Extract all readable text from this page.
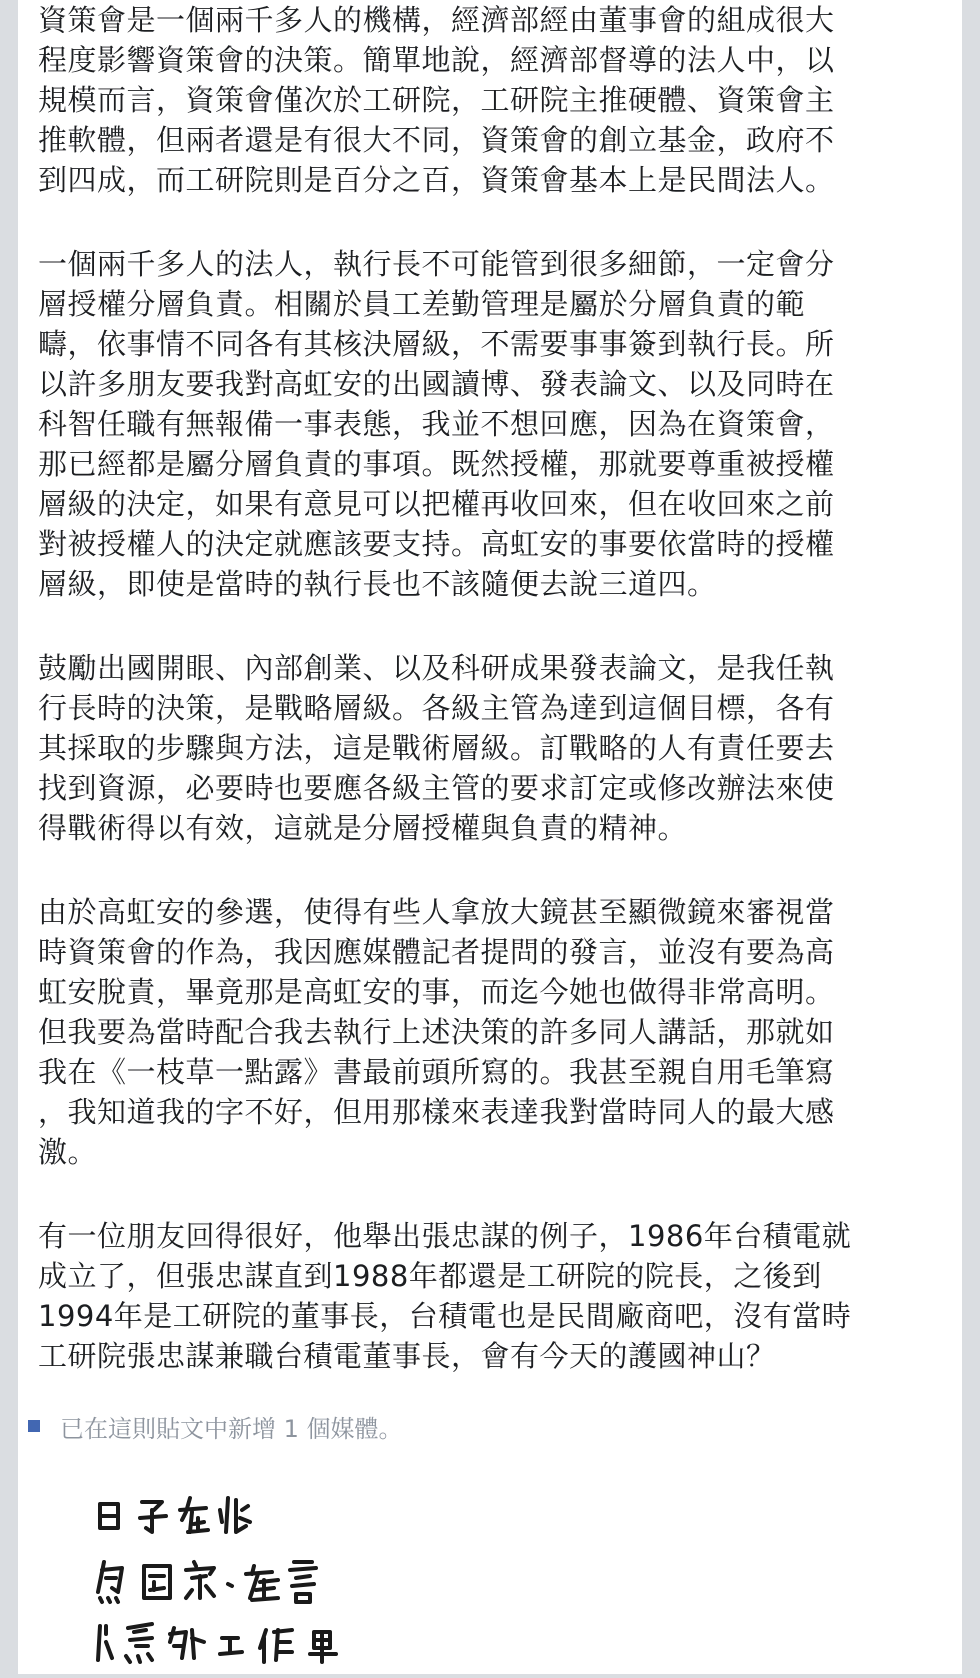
資策會是一個兩千多人的機構，經濟部經由董事會的組成很大
程度影響資策會的決策。簡單地說，經濟部督導的法人中，以
規模而言，資策會僅次於工研院，工研院主推硬體、資策會主
推軟體，但兩者還是有很大不同，資策會的創立基金，政府不
到四成，而工研院則是百分之百，資策會基本上是民間法人。

一個兩千多人的法人，執行長不可能管到很多細節，一定會分
層授權分層負責。相關於員工差勤管理是屬於分層負責的範
疇，依事情不同各有其核決層級，不需要事事簽到執行長。所
以許多朋友要我對高虹安的出國讀博、發表論文、以及同時在
科智任職有無報備一事表態，我並不想回應，因為在資策會，
那已經都是屬分層負責的事項。既然授權，那就要尊重被授權
層級的決定，如果有意見可以把權再收回來，但在收回來之前
對被授權人的決定就應該要支持。高虹安的事要依當時的授權
層級，即使是當時的執行長也不該隨便去說三道四。

鼓勵出國開眼、內部創業、以及科研成果發表論文，是我任執
行長時的決策，是戰略層級。各級主管為達到這個目標，各有
其採取的步驟與方法，這是戰術層級。訂戰略的人有責任要去
找到資源，必要時也要應各級主管的要求訂定或修改辦法來使
得戰術得以有效，這就是分層授權與負責的精神。

由於高虹安的參選，使得有些人拿放大鏡甚至顯微鏡來審視當
時資策會的作為，我因應媒體記者提問的發言，並沒有要為高
虹安脫責，畢竟那是高虹安的事，而迄今她也做得非常高明。
但我要為當時配合我去執行上述決策的許多同人講話，那就如
我在《一枝草一點露》書最前頭所寫的。我甚至親自用毛筆寫
，我知道我的字不好，但用那樣來表達我對當時同人的最大感
激。

有一位朋友回得很好，他舉出張忠謀的例子，1986年台積電就
成立了，但張忠謀直到1988年都還是工研院的院長，之後到
1994年是工研院的董事長，台積電也是民間廠商吧，沒有當時
工研院張忠謀兼職台積電董事長，會有今天的護國神山？

已在這則貼文中新增 1 個媒體。
